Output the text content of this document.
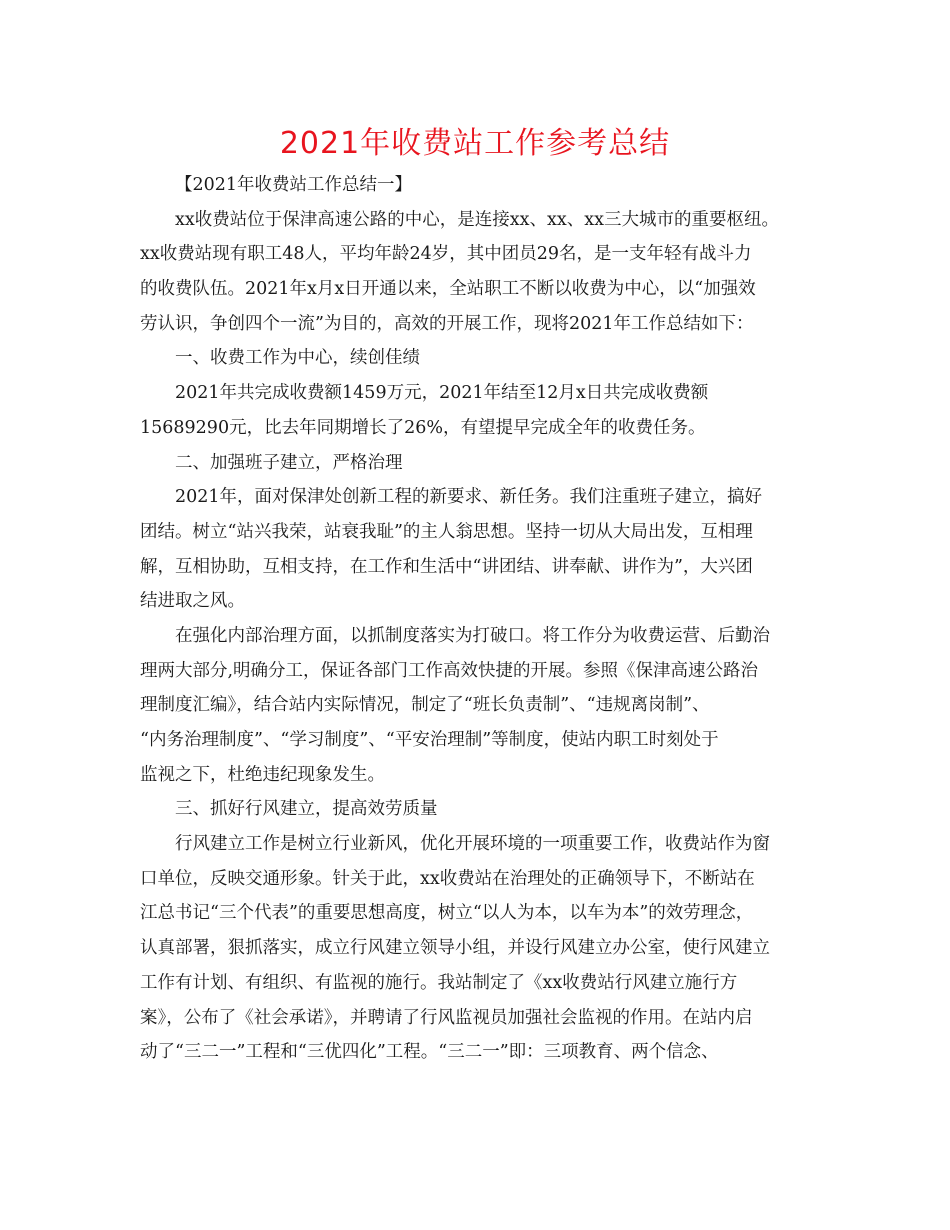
2021年收费站工作参考总结
【2021年收费站工作总结一】
xx收费站位于保津高速公路的中心，是连接xx、xx、xx三大城市的重要枢纽。
xx收费站现有职工48人，平均年龄24岁，其中团员29名，是一支年轻有战斗力
的收费队伍。2021年x月x日开通以来，全站职工不断以收费为中心，以“加强效
劳认识，争创四个一流”为目的，高效的开展工作，现将2021年工作总结如下：
一、收费工作为中心，续创佳绩
2021年共完成收费额1459万元，2021年结至12月x日共完成收费额
15689290元，比去年同期增长了26%，有望提早完成全年的收费任务。
二、加强班子建立，严格治理
2021年，面对保津处创新工程的新要求、新任务。我们注重班子建立，搞好
团结。树立“站兴我荣，站衰我耻”的主人翁思想。坚持一切从大局出发，互相理
解，互相协助，互相支持，在工作和生活中“讲团结、讲奉献、讲作为”，大兴团
结进取之风。
在强化内部治理方面，以抓制度落实为打破口。将工作分为收费运营、后勤治
理两大部分,明确分工，保证各部门工作高效快捷的开展。参照《保津高速公路治
理制度汇编》，结合站内实际情况，制定了“班长负责制”、“违规离岗制”、
“内务治理制度”、“学习制度”、“平安治理制”等制度，使站内职工时刻处于
监视之下，杜绝违纪现象发生。
三、抓好行风建立，提高效劳质量
行风建立工作是树立行业新风，优化开展环境的一项重要工作，收费站作为窗
口单位，反映交通形象。针关于此，xx收费站在治理处的正确领导下，不断站在
江总书记“三个代表”的重要思想高度，树立“以人为本，以车为本”的效劳理念，
认真部署，狠抓落实，成立行风建立领导小组，并设行风建立办公室，使行风建立
工作有计划、有组织、有监视的施行。我站制定了《xx收费站行风建立施行方
案》，公布了《社会承诺》，并聘请了行风监视员加强社会监视的作用。在站内启
动了“三二一”工程和“三优四化”工程。“三二一”即：三项教育、两个信念、
